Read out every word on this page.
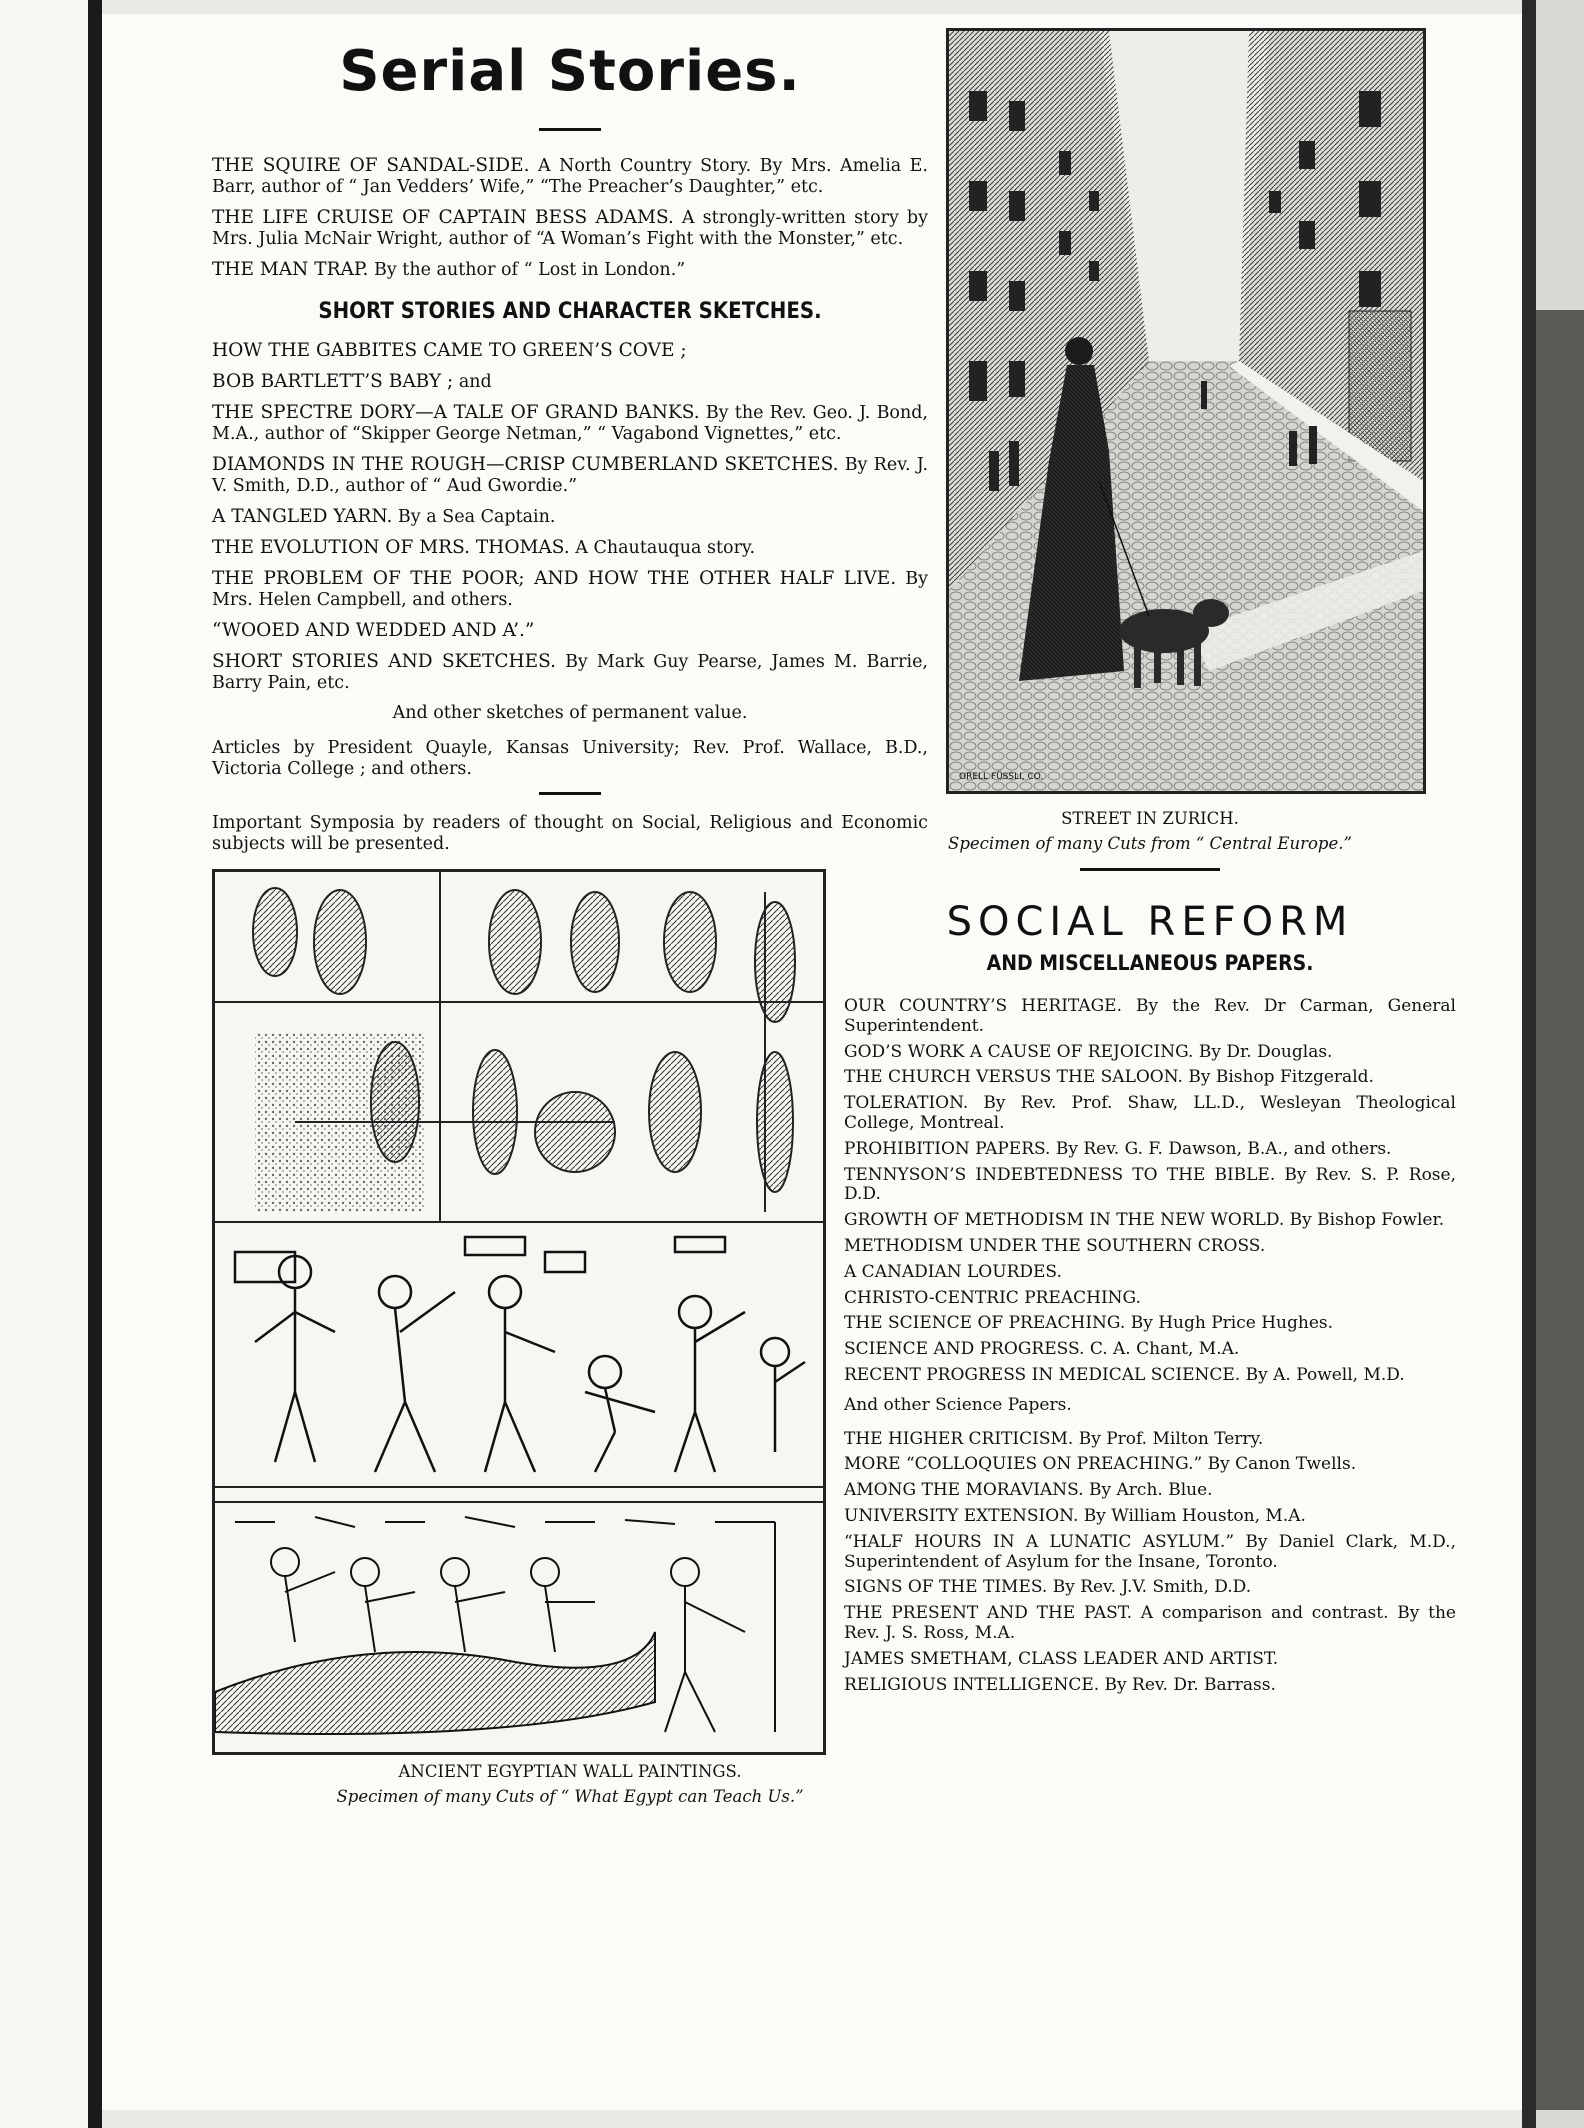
Serial Stories.

THE SQUIRE OF SANDAL-SIDE. A North Country Story. By Mrs. Amelia E. Barr, author of “ Jan Vedders’ Wife,” “The Preacher’s Daughter,” etc.

THE LIFE CRUISE OF CAPTAIN BESS ADAMS. A strongly-written story by Mrs. Julia McNair Wright, author of “A Woman’s Fight with the Monster,” etc.

THE MAN TRAP. By the author of “ Lost in London.”

SHORT STORIES AND CHARACTER SKETCHES.

HOW THE GABBITES CAME TO GREEN’S COVE ;

BOB BARTLETT’S BABY ; and

THE SPECTRE DORY—A TALE OF GRAND BANKS. By the Rev. Geo. J. Bond, M.A., author of “Skipper George Netman,” “ Vagabond Vignettes,” etc.

DIAMONDS IN THE ROUGH—CRISP CUMBERLAND SKETCHES. By Rev. J. V. Smith, D.D., author of “ Aud Gwordie.”

A TANGLED YARN. By a Sea Captain.

THE EVOLUTION OF MRS. THOMAS. A Chautauqua story.

THE PROBLEM OF THE POOR; AND HOW THE OTHER HALF LIVE. By Mrs. Helen Campbell, and others.

“WOOED AND WEDDED AND A’.”

SHORT STORIES AND SKETCHES. By Mark Guy Pearse, James M. Barrie, Barry Pain, etc.

And other sketches of permanent value.

Articles by President Quayle, Kansas University; Rev. Prof. Wallace, B.D., Victoria College ; and others.

Important Symposia by readers of thought on Social, Religious and Economic subjects will be presented.

ANCIENT EGYPTIAN WALL PAINTINGS.

Specimen of many Cuts of “ What Egypt can Teach Us.”

ORELL FÜSSLI, CO.

STREET IN ZURICH.

Specimen of many Cuts from “ Central Europe.”

SOCIAL REFORM
AND MISCELLANEOUS PAPERS.

OUR COUNTRY’S HERITAGE. By the Rev. Dr Carman, General Superintendent.

GOD’S WORK A CAUSE OF REJOICING. By Dr. Douglas.

THE CHURCH VERSUS THE SALOON. By Bishop Fitzgerald.

TOLERATION. By Rev. Prof. Shaw, LL.D., Wesleyan Theological College, Montreal.

PROHIBITION PAPERS. By Rev. G. F. Dawson, B.A., and others.

TENNYSON’S INDEBTEDNESS TO THE BIBLE. By Rev. S. P. Rose, D.D.

GROWTH OF METHODISM IN THE NEW WORLD. By Bishop Fowler.

METHODISM UNDER THE SOUTHERN CROSS.

A CANADIAN LOURDES.

CHRISTO-CENTRIC PREACHING.

THE SCIENCE OF PREACHING. By Hugh Price Hughes.

SCIENCE AND PROGRESS. C. A. Chant, M.A.

RECENT PROGRESS IN MEDICAL SCIENCE. By A. Powell, M.D.

And other Science Papers.

THE HIGHER CRITICISM. By Prof. Milton Terry.

MORE “COLLOQUIES ON PREACHING.” By Canon Twells.

AMONG THE MORAVIANS. By Arch. Blue.

UNIVERSITY EXTENSION. By William Houston, M.A.

“HALF HOURS IN A LUNATIC ASYLUM.” By Daniel Clark, M.D., Superintendent of Asylum for the Insane, Toronto.

SIGNS OF THE TIMES. By Rev. J.V. Smith, D.D.

THE PRESENT AND THE PAST. A comparison and contrast. By the Rev. J. S. Ross, M.A.

JAMES SMETHAM, CLASS LEADER AND ARTIST.

RELIGIOUS INTELLIGENCE. By Rev. Dr. Barrass.
